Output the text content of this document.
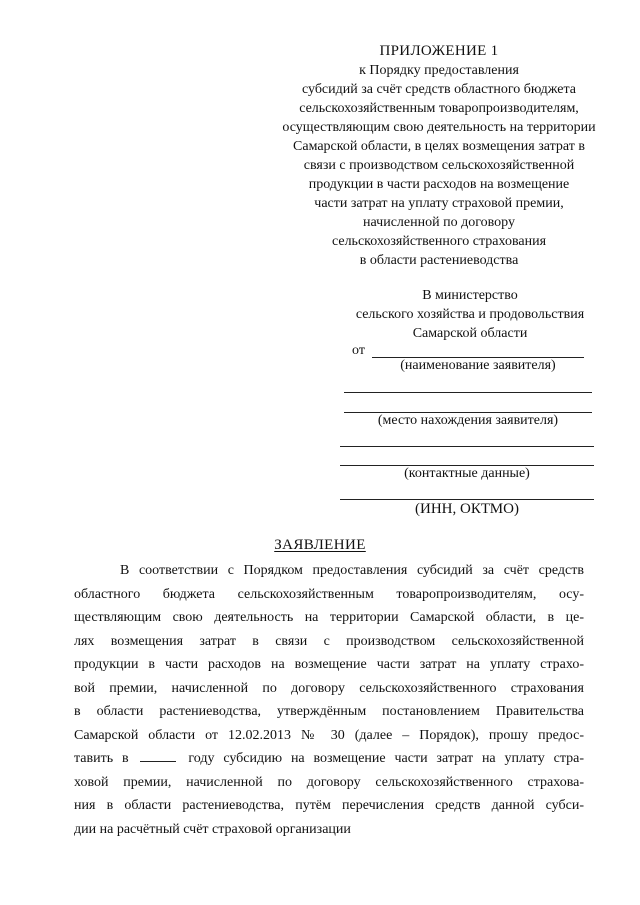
ПРИЛОЖЕНИЕ 1
к Порядку предоставления
субсидий за счёт средств областного бюджета
сельскохозяйственным товаропроизводителям,
осуществляющим свою деятельность на территории
Самарской области, в целях возмещения затрат в
связи с производством сельскохозяйственной
продукции в части расходов на возмещение
части затрат на уплату страховой премии,
начисленной по договору
сельскохозяйственного страхования
в области растениеводства
В министерство
сельского хозяйства и продовольствия
Самарской области
от
(наименование заявителя)
(место нахождения заявителя)
(контактные данные)
(ИНН, ОКТМО)
ЗАЯВЛЕНИЕ
В соответствии с Порядком предоставления субсидий за счёт средств
областного бюджета сельскохозяйственным товаропроизводителям, осу-
ществляющим свою деятельность на территории Самарской области, в це-
лях возмещения затрат в связи с производством сельскохозяйственной
продукции в части расходов на возмещение части затрат на уплату страхо-
вой премии, начисленной по договору сельскохозяйственного страхования
в области растениеводства, утверждённым постановлением Правительства
Самарской области от 12.02.2013 № 30 (далее – Порядок), прошу предос-
тавить в	году субсидию на возмещение части затрат на уплату стра-
ховой премии, начисленной по договору сельскохозяйственного страхова-
ния в области растениеводства, путём перечисления средств данной субси-
дии на расчётный счёт страховой организации
